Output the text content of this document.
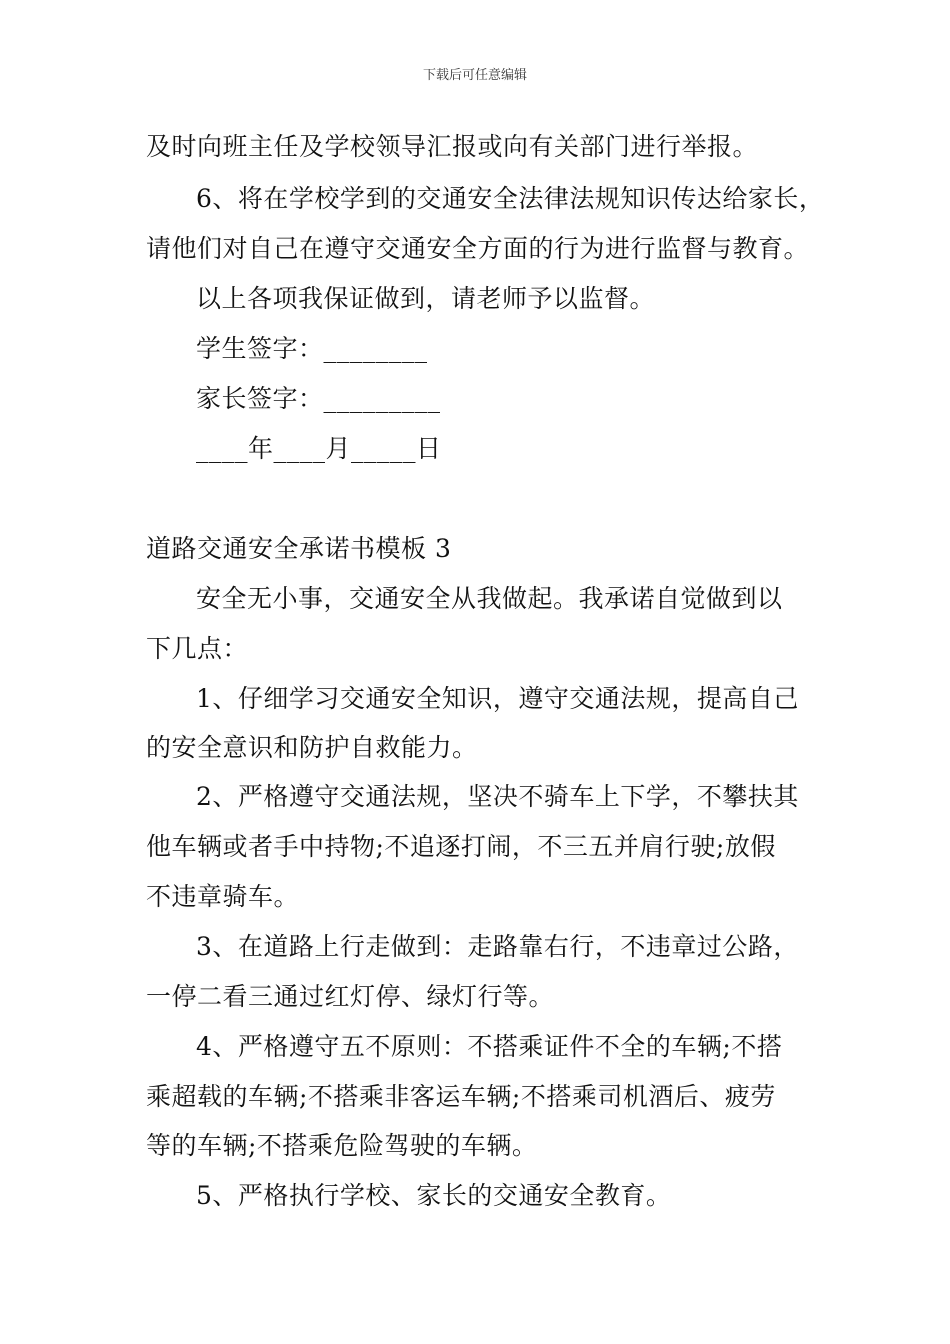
下载后可任意编辑
及时向班主任及学校领导汇报或向有关部门进行举报。
6、将在学校学到的交通安全法律法规知识传达给家长，
请他们对自己在遵守交通安全方面的行为进行监督与教育。
以上各项我保证做到，请老师予以监督。
学生签字：________
家长签字：_________
____年____月_____日
道路交通安全承诺书模板 3
安全无小事，交通安全从我做起。我承诺自觉做到以
下几点：
1、仔细学习交通安全知识，遵守交通法规，提高自己
的安全意识和防护自救能力。
2、严格遵守交通法规，坚决不骑车上下学，不攀扶其
他车辆或者手中持物;不追逐打闹，不三五并肩行驶;放假
不违章骑车。
3、在道路上行走做到：走路靠右行，不违章过公路，
一停二看三通过红灯停、绿灯行等。
4、严格遵守五不原则：不搭乘证件不全的车辆;不搭
乘超载的车辆;不搭乘非客运车辆;不搭乘司机酒后、疲劳
等的车辆;不搭乘危险驾驶的车辆。
5、严格执行学校、家长的交通安全教育。
